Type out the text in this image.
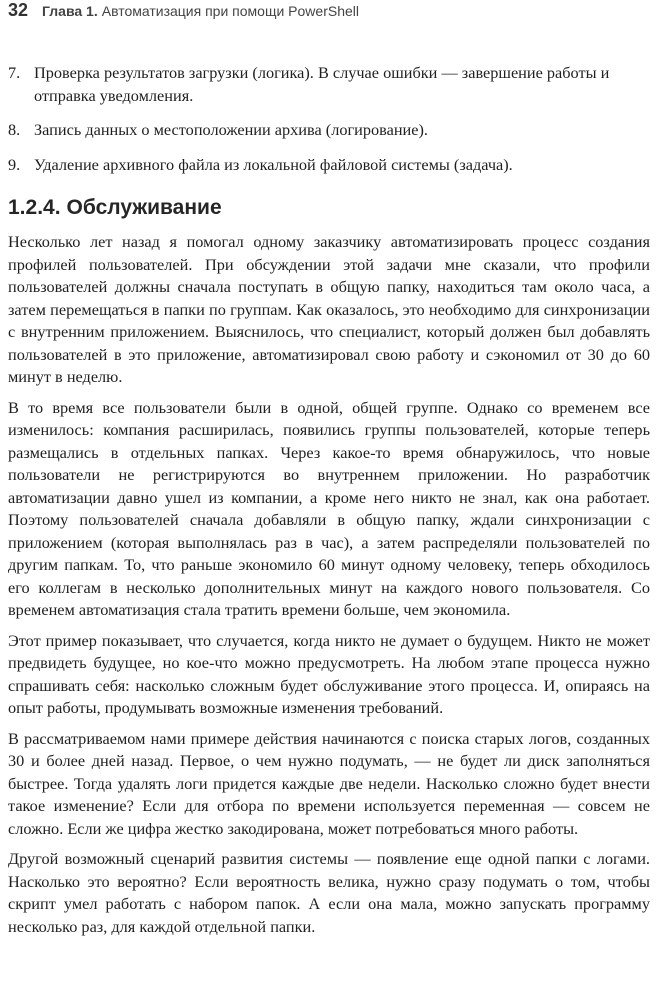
32 Глава 1. Автоматизация при помощи PowerShell
7. Проверка результатов загрузки (логика). В случае ошибки — завершение работы и отправка уведомления.
8. Запись данных о местоположении архива (логирование).
9. Удаление архивного файла из локальной файловой системы (задача).
1.2.4. Обслуживание

Несколько лет назад я помогал одному заказчику автоматизировать процесс создания профилей пользователей. При обсуждении этой задачи мне сказали, что профили пользователей должны сначала поступать в общую папку, находиться там около часа, а затем перемещаться в папки по группам. Как оказалось, это необходимо для синхронизации с внутренним приложением. Выяснилось, что специалист, который должен был добавлять пользователей в это приложение, автоматизировал свою работу и сэкономил от 30 до 60 минут в неделю.

В то время все пользователи были в одной, общей группе. Однако со временем все изменилось: компания расширилась, появились группы пользователей, которые теперь размещались в отдельных папках. Через какое-то время обнаружилось, что новые пользователи не регистрируются во внутреннем приложении. Но разработчик автоматизации давно ушел из компании, а кроме него никто не знал, как она работает. Поэтому пользователей сначала добавляли в общую папку, ждали синхронизации с приложением (которая выполнялась раз в час), а затем распределяли пользователей по другим папкам. То, что раньше экономило 60 минут одному человеку, теперь обходилось его коллегам в несколько дополнительных минут на каждого нового пользователя. Со временем автоматизация стала тратить времени больше, чем экономила.

Этот пример показывает, что случается, когда никто не думает о будущем. Никто не может предвидеть будущее, но кое-что можно предусмотреть. На любом этапе процесса нужно спрашивать себя: насколько сложным будет обслуживание этого процесса. И, опираясь на опыт работы, продумывать возможные изменения требований.

В рассматриваемом нами примере действия начинаются с поиска старых логов, созданных 30 и более дней назад. Первое, о чем нужно подумать, — не будет ли диск заполняться быстрее. Тогда удалять логи придется каждые две недели. Насколько сложно будет внести такое изменение? Если для отбора по времени используется переменная — совсем не сложно. Если же цифра жестко закодирована, может потребоваться много работы.

Другой возможный сценарий развития системы — появление еще одной папки с логами. Насколько это вероятно? Если вероятность велика, нужно сразу подумать о том, чтобы скрипт умел работать с набором папок. А если она мала, можно запускать программу несколько раз, для каждой отдельной папки.
